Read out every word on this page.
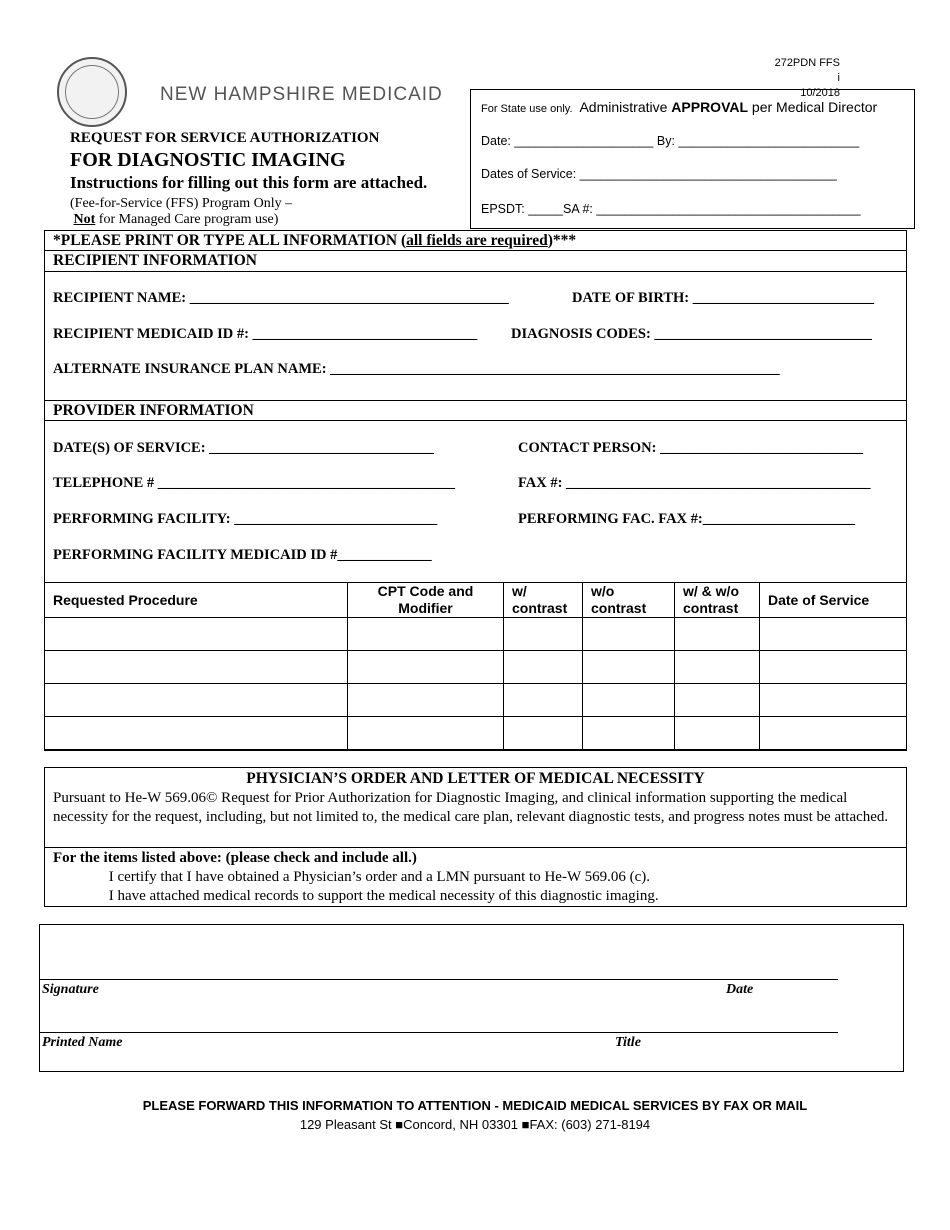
NEW HAMPSHIRE MEDICAID
272PDN FFS i
10/2018
For State use only. Administrative APPROVAL per Medical Director
Date: ____________________ By: __________________________
Dates of Service: _____________________________________
EPSDT: _____SA #: ______________________________________
REQUEST FOR SERVICE AUTHORIZATION
FOR DIAGNOSTIC IMAGING
Instructions for filling out this form are attached.
(Fee-for-Service (FFS) Program Only –
Not for Managed Care program use)
*PLEASE PRINT OR TYPE ALL INFORMATION (all fields are required)***
RECIPIENT INFORMATION
RECIPIENT NAME: ____________________________________________	DATE OF BIRTH: _________________________
RECIPIENT MEDICAID ID #: _______________________________ DIAGNOSIS CODES: ______________________________
ALTERNATE INSURANCE PLAN NAME: ______________________________________________________________
PROVIDER INFORMATION
DATE(S) OF SERVICE: _______________________________	CONTACT PERSON: ____________________________
TELEPHONE # _________________________________________	FAX #: __________________________________________
PERFORMING FACILITY: ____________________________	PERFORMING FAC. FAX #:_____________________
PERFORMING FACILITY MEDICAID ID #_____________
Requested Procedure	CPT Code and Modifier	w/ contrast	w/o contrast	w/ & w/o contrast	Date of Service

PHYSICIAN’S ORDER AND LETTER OF MEDICAL NECESSITY
Pursuant to He-W 569.06© Request for Prior Authorization for Diagnostic Imaging, and clinical information supporting the medical necessity for the request, including, but not limited to, the medical care plan, relevant diagnostic tests, and progress notes must be attached.
For the items listed above: (please check and include all.)
I certify that I have obtained a Physician’s order and a LMN pursuant to He-W 569.06 (c).
I have attached medical records to support the medical necessity of this diagnostic imaging.
Signature	Date
Printed Name	Title
PLEASE FORWARD THIS INFORMATION TO ATTENTION - MEDICAID MEDICAL SERVICES BY FAX OR MAIL
129 Pleasant St ■Concord, NH 03301 ■FAX: (603) 271-8194
